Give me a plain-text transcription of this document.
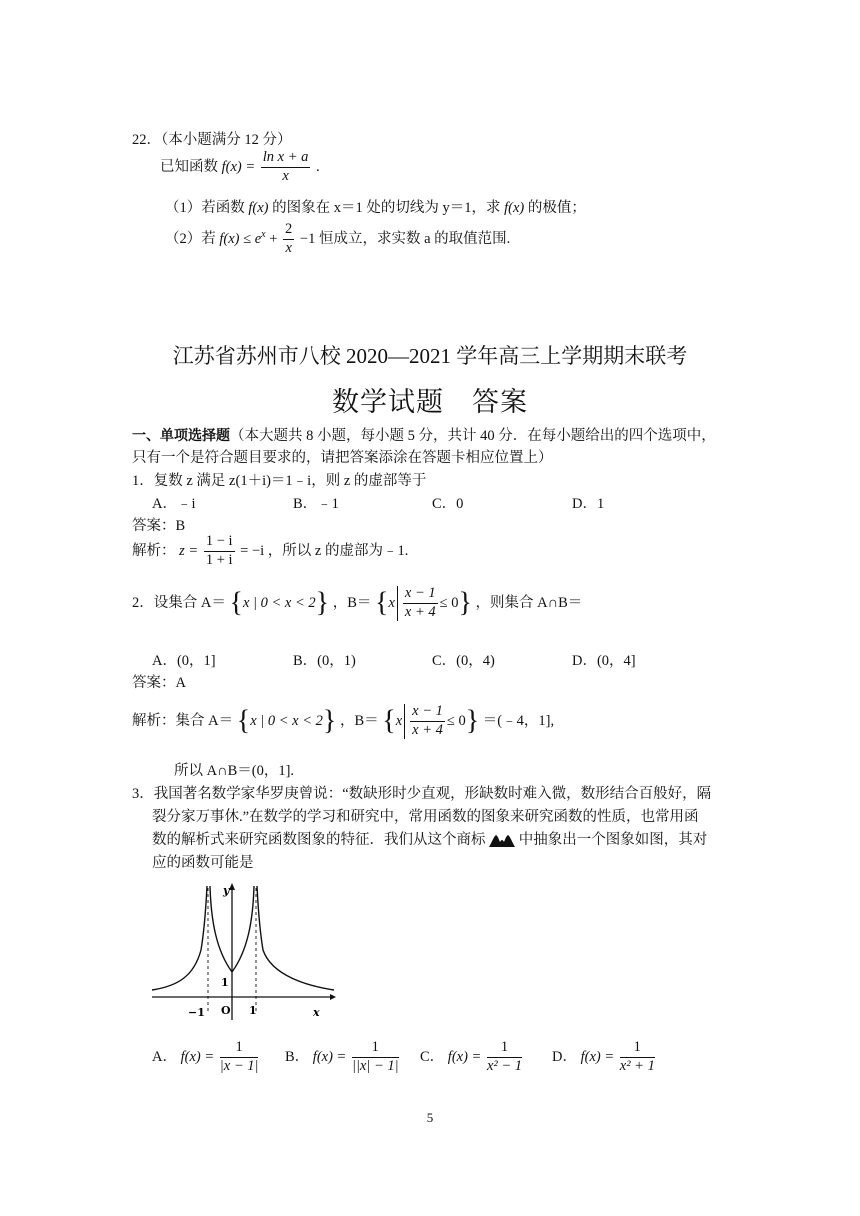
22．（本小题满分 12 分）
已知函数 $f(x) = \frac{\text{ln x + a}}{x}$ .
（1）若函数 f(x) 的图象在 x＝1 处的切线为 y＝1，求 f(x) 的极值；
（2）若 $f(x) \le e^x + \frac{2}{x} -1$ 恒成立，求实数 a 的取值范围.
江苏省苏州市八校 2020—2021 学年高三上学期期末联考
数学试题　答案
一、单项选择题（本大题共 8 小题，每小题 5 分，共计 40 分．在每小题给出的四个选项中，
只有一个是符合题目要求的，请把答案添涂在答题卡相应位置上）
1．复数 z 满足 z(1＋i)＝1﹣i，则 z 的虚部等于
A．﹣i	B．﹣1	C．0	D．1
答案：B
解析： $z = \frac{1 - i}{1 + i} = -i$ ，所以 z 的虚部为﹣1.
2．设集合 A＝ {x | 0 < x < 2} ，$B= \{x \frac{x - 1}{x + 4} \le 0\}$ ，则集合 A∩B＝
A．(0，1]	B．(0，1)	C．(0，4)	D．(0，4]
答案：A
解析：集合 A＝ {x | 0 < x < 2} ，$B= \{x \frac{x - 1}{x + 4} \le 0\}$ ＝(﹣4，1],
所以 A∩B＝(0，1].
3．我国著名数学家华罗庚曾说：“数缺形时少直观，形缺数时难入微，数形结合百般好，隔
裂分家万事休.”在数学的学习和研究中，常用函数的图象来研究函数的性质，也常用函
数的解析式来研究函数图象的特征．我们从这个商标 中抽象出一个图象如图，其对
应的函数可能是
y
x
1
O
−1	1
A． $f(x) = \frac{1}{|x - 1|}$ B． $f(x) = \frac{1}{||x| - 1|}$ C． $f(x) = \frac{1}{\text{x² − 1}}$ D． $f(x) = \frac{1}{\text{x² + 1}}$
5
